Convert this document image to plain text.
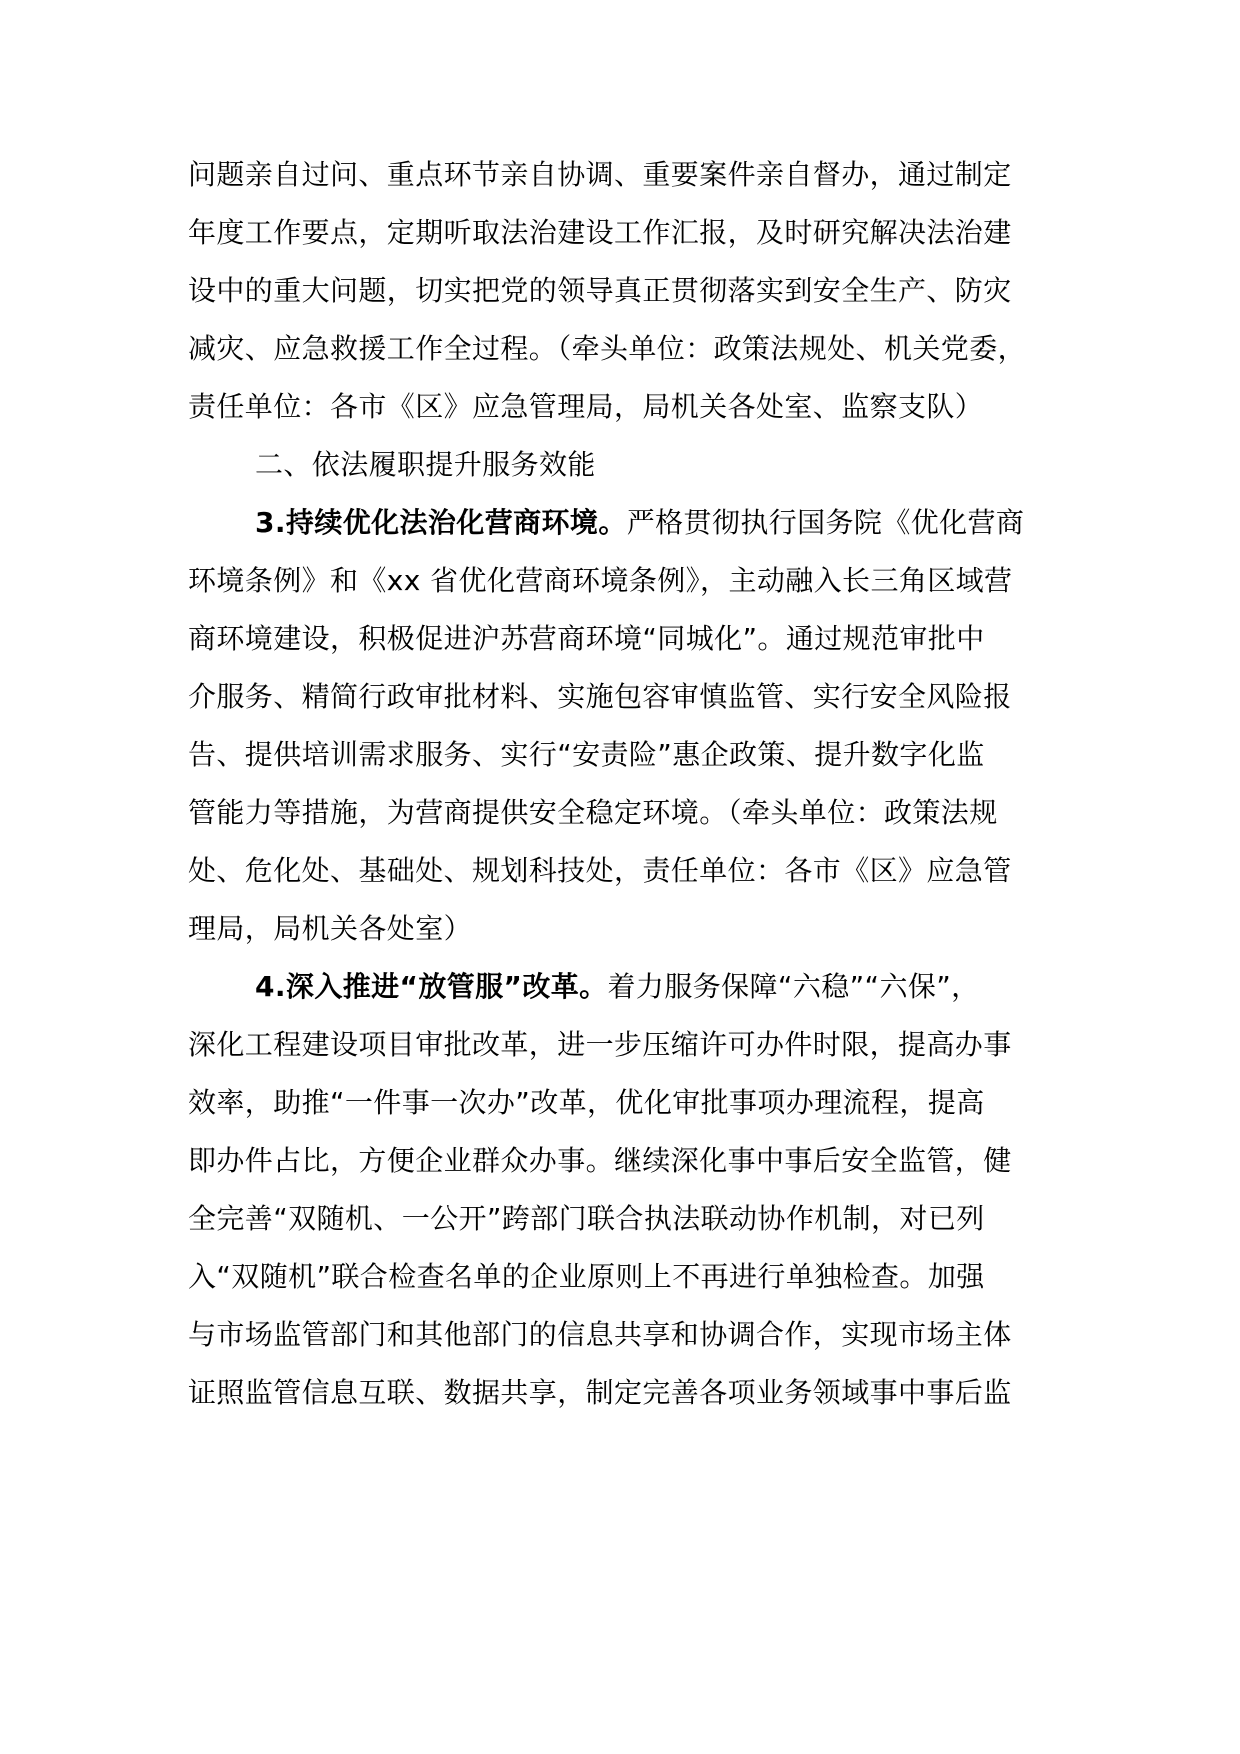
问题亲自过问、重点环节亲自协调、重要案件亲自督办，通过制定
年度工作要点，定期听取法治建设工作汇报，及时研究解决法治建
设中的重大问题，切实把党的领导真正贯彻落实到安全生产、防灾
减灾、应急救援工作全过程。（牵头单位：政策法规处、机关党委，
责任单位：各市《区》应急管理局，局机关各处室、监察支队）
二、依法履职提升服务效能
3.持续优化法治化营商环境。严格贯彻执行国务院《优化营商
环境条例》和《xx 省优化营商环境条例》，主动融入长三角区域营
商环境建设，积极促进沪苏营商环境“同城化”。通过规范审批中
介服务、精简行政审批材料、实施包容审慎监管、实行安全风险报
告、提供培训需求服务、实行“安责险”惠企政策、提升数字化监
管能力等措施，为营商提供安全稳定环境。（牵头单位：政策法规
处、危化处、基础处、规划科技处，责任单位：各市《区》应急管
理局，局机关各处室）
4.深入推进“放管服”改革。着力服务保障“六稳”“六保”，
深化工程建设项目审批改革，进一步压缩许可办件时限，提高办事
效率，助推“一件事一次办”改革，优化审批事项办理流程，提高
即办件占比，方便企业群众办事。继续深化事中事后安全监管，健
全完善“双随机、一公开”跨部门联合执法联动协作机制，对已列
入“双随机”联合检查名单的企业原则上不再进行单独检查。加强
与市场监管部门和其他部门的信息共享和协调合作，实现市场主体
证照监管信息互联、数据共享，制定完善各项业务领域事中事后监
